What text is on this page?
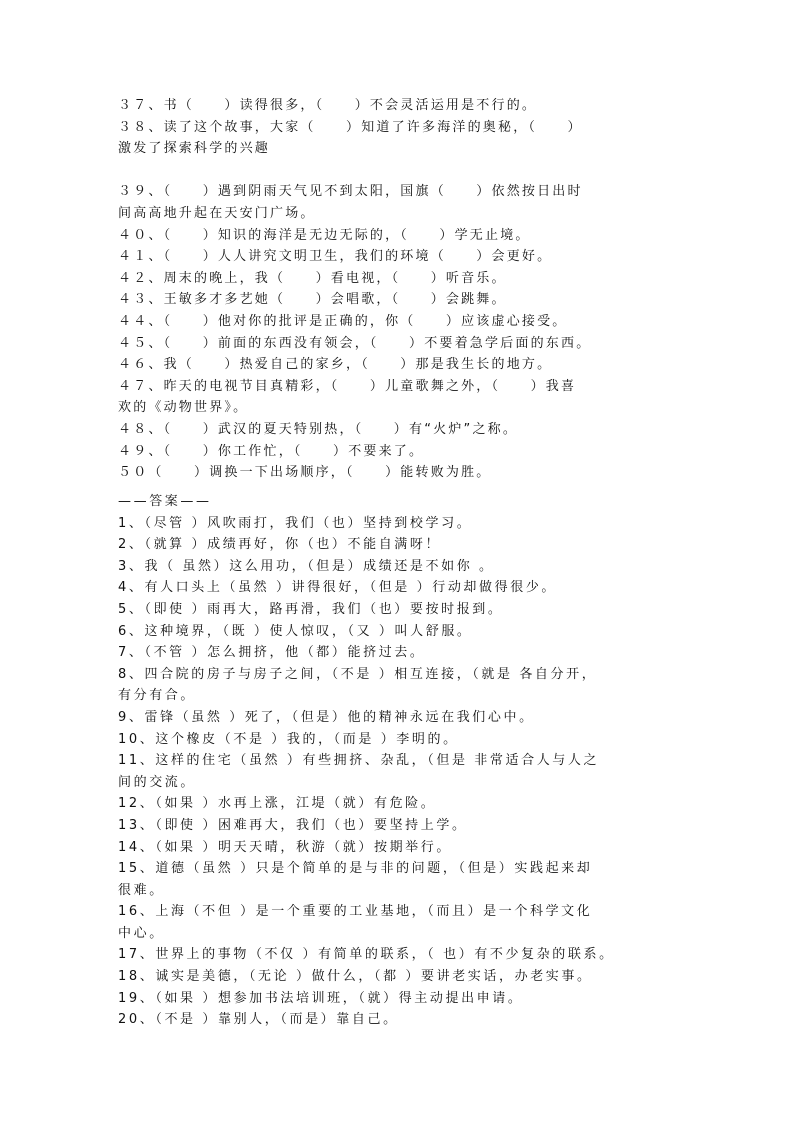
３７、书（　　）读得很多，（　　）不会灵活运用是不行的。
３８、读了这个故事，大家（　　）知道了许多海洋的奥秘，（　　）
激发了探索科学的兴趣
３９、（　　）遇到阴雨天气见不到太阳，国旗（　　）依然按日出时
间高高地升起在天安门广场。
４０、（　　）知识的海洋是无边无际的，（　　）学无止境。
４１、（　　）人人讲究文明卫生，我们的环境（　　）会更好。
４２、周末的晚上，我（　　）看电视，（　　）听音乐。
４３、王敏多才多艺她（　　）会唱歌，（　　）会跳舞。
４４、（　　）他对你的批评是正确的，你（　　）应该虚心接受。
４５、（　　）前面的东西没有领会，（　　）不要着急学后面的东西。
４６、我（　　）热爱自己的家乡，（　　）那是我生长的地方。
４７、昨天的电视节目真精彩，（　　）儿童歌舞之外，（　　）我喜
欢的《动物世界》。
４８、（　　）武汉的夏天特别热，（　　）有“火炉”之称。
４９、（　　）你工作忙，（　　）不要来了。
５０（　　）调换一下出场顺序，（　　）能转败为胜。
——答案——
1、（尽管 ）风吹雨打，我们（也）坚持到校学习。
2、（就算 ）成绩再好，你（也）不能自满呀！
3、我（ 虽然）这么用功，（但是）成绩还是不如你 。
4、有人口头上（虽然 ）讲得很好，（但是 ）行动却做得很少。
5、（即使 ）雨再大，路再滑，我们（也）要按时报到。
6、这种境界，（既 ）使人惊叹，（又 ）叫人舒服。
7、（不管 ）怎么拥挤，他（都）能挤过去。
8、四合院的房子与房子之间，（不是 ）相互连接，（就是 各自分开，
有分有合。
9、雷锋（虽然 ）死了，（但是）他的精神永远在我们心中。
10、这个橡皮（不是 ）我的，（而是 ）李明的。
11、这样的住宅（虽然 ）有些拥挤、杂乱，（但是 非常适合人与人之
间的交流。
12、（如果 ）水再上涨，江堤（就）有危险。
13、（即使 ）困难再大，我们（也）要坚持上学。
14、（如果 ）明天天晴，秋游（就）按期举行。
15、道德（虽然 ）只是个简单的是与非的问题，（但是）实践起来却
很难。
16、上海（不但 ）是一个重要的工业基地，（而且）是一个科学文化
中心。
17、世界上的事物（不仅 ）有简单的联系，（ 也）有不少复杂的联系。
18、诚实是美德，（无论 ）做什么，（都 ）要讲老实话，办老实事。
19、（如果 ）想参加书法培训班，（就）得主动提出申请。
20、（不是 ）靠别人，（而是）靠自己。
